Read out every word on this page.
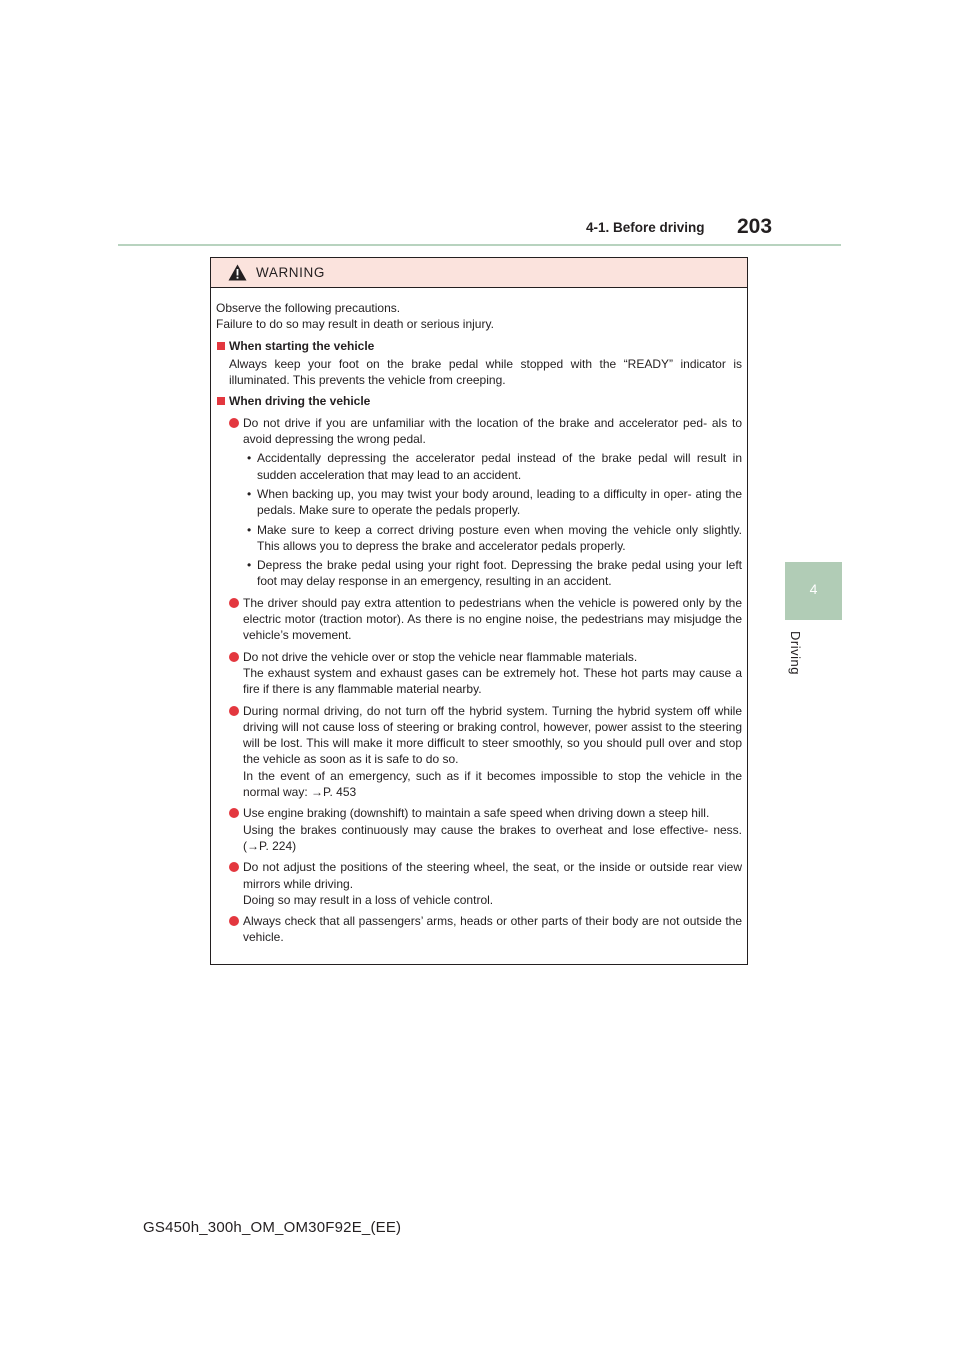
4-1. Before driving 203
4
Driving
WARNING

Observe the following precautions.

Failure to do so may result in death or serious injury.

When starting the vehicle

Always keep your foot on the brake pedal while stopped with the “READY” indicator is illuminated. This prevents the vehicle from creeping.

When driving the vehicle
Do not drive if you are unfamiliar with the location of the brake and accelerator ped- als to avoid depressing the wrong pedal.
• Accidentally depressing the accelerator pedal instead of the brake pedal will result in sudden acceleration that may lead to an accident.
• When backing up, you may twist your body around, leading to a difficulty in oper- ating the pedals. Make sure to operate the pedals properly.
• Make sure to keep a correct driving posture even when moving the vehicle only slightly. This allows you to depress the brake and accelerator pedals properly.
• Depress the brake pedal using your right foot. Depressing the brake pedal using your left foot may delay response in an emergency, resulting in an accident.
The driver should pay extra attention to pedestrians when the vehicle is powered only by the electric motor (traction motor). As there is no engine noise, the pedestrians may misjudge the vehicle’s movement.
Do not drive the vehicle over or stop the vehicle near flammable materials.
The exhaust system and exhaust gases can be extremely hot. These hot parts may cause a fire if there is any flammable material nearby.
During normal driving, do not turn off the hybrid system. Turning the hybrid system off while driving will not cause loss of steering or braking control, however, power assist to the steering will be lost. This will make it more difficult to steer smoothly, so you should pull over and stop the vehicle as soon as it is safe to do so.
In the event of an emergency, such as if it becomes impossible to stop the vehicle in the normal way: →P. 453
Use engine braking (downshift) to maintain a safe speed when driving down a steep hill.
Using the brakes continuously may cause the brakes to overheat and lose effective- ness. (→P. 224)
Do not adjust the positions of the steering wheel, the seat, or the inside or outside rear view mirrors while driving.
Doing so may result in a loss of vehicle control.
Always check that all passengers’ arms, heads or other parts of their body are not outside the vehicle.
GS450h_300h_OM_OM30F92E_(EE)
